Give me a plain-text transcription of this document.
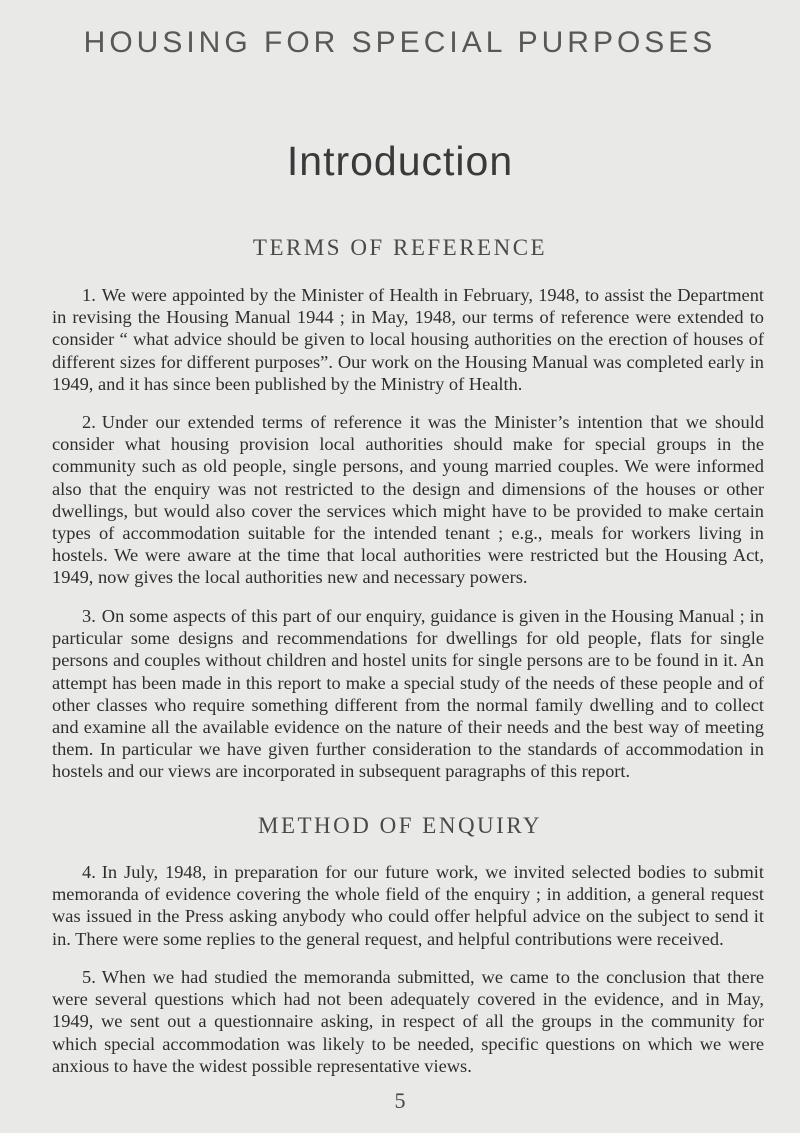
HOUSING FOR SPECIAL PURPOSES
Introduction
TERMS OF REFERENCE

1. We were appointed by the Minister of Health in February, 1948, to assist the Department in revising the Housing Manual 1944 ; in May, 1948, our terms of reference were extended to consider “ what advice should be given to local housing authorities on the erection of houses of different sizes for different purposes”. Our work on the Housing Manual was completed early in 1949, and it has since been published by the Ministry of Health.

2. Under our extended terms of reference it was the Minister’s intention that we should consider what housing provision local authorities should make for special groups in the community such as old people, single persons, and young married couples. We were informed also that the enquiry was not restricted to the design and dimensions of the houses or other dwellings, but would also cover the services which might have to be provided to make certain types of accommodation suitable for the intended tenant ; e.g., meals for workers living in hostels. We were aware at the time that local authorities were restricted but the Housing Act, 1949, now gives the local authorities new and necessary powers.

3. On some aspects of this part of our enquiry, guidance is given in the Housing Manual ; in particular some designs and recommendations for dwellings for old people, flats for single persons and couples without children and hostel units for single persons are to be found in it. An attempt has been made in this report to make a special study of the needs of these people and of other classes who require something different from the normal family dwelling and to collect and examine all the available evidence on the nature of their needs and the best way of meeting them. In particular we have given further consideration to the standards of accommodation in hostels and our views are incorporated in subsequent paragraphs of this report.

METHOD OF ENQUIRY

4. In July, 1948, in preparation for our future work, we invited selected bodies to submit memoranda of evidence covering the whole field of the enquiry ; in addition, a general request was issued in the Press asking anybody who could offer helpful advice on the subject to send it in. There were some replies to the general request, and helpful contributions were received.

5. When we had studied the memoranda submitted, we came to the conclusion that there were several questions which had not been adequately covered in the evidence, and in May, 1949, we sent out a questionnaire asking, in respect of all the groups in the community for which special accommodation was likely to be needed, specific questions on which we were anxious to have the widest possible representative views.

5
